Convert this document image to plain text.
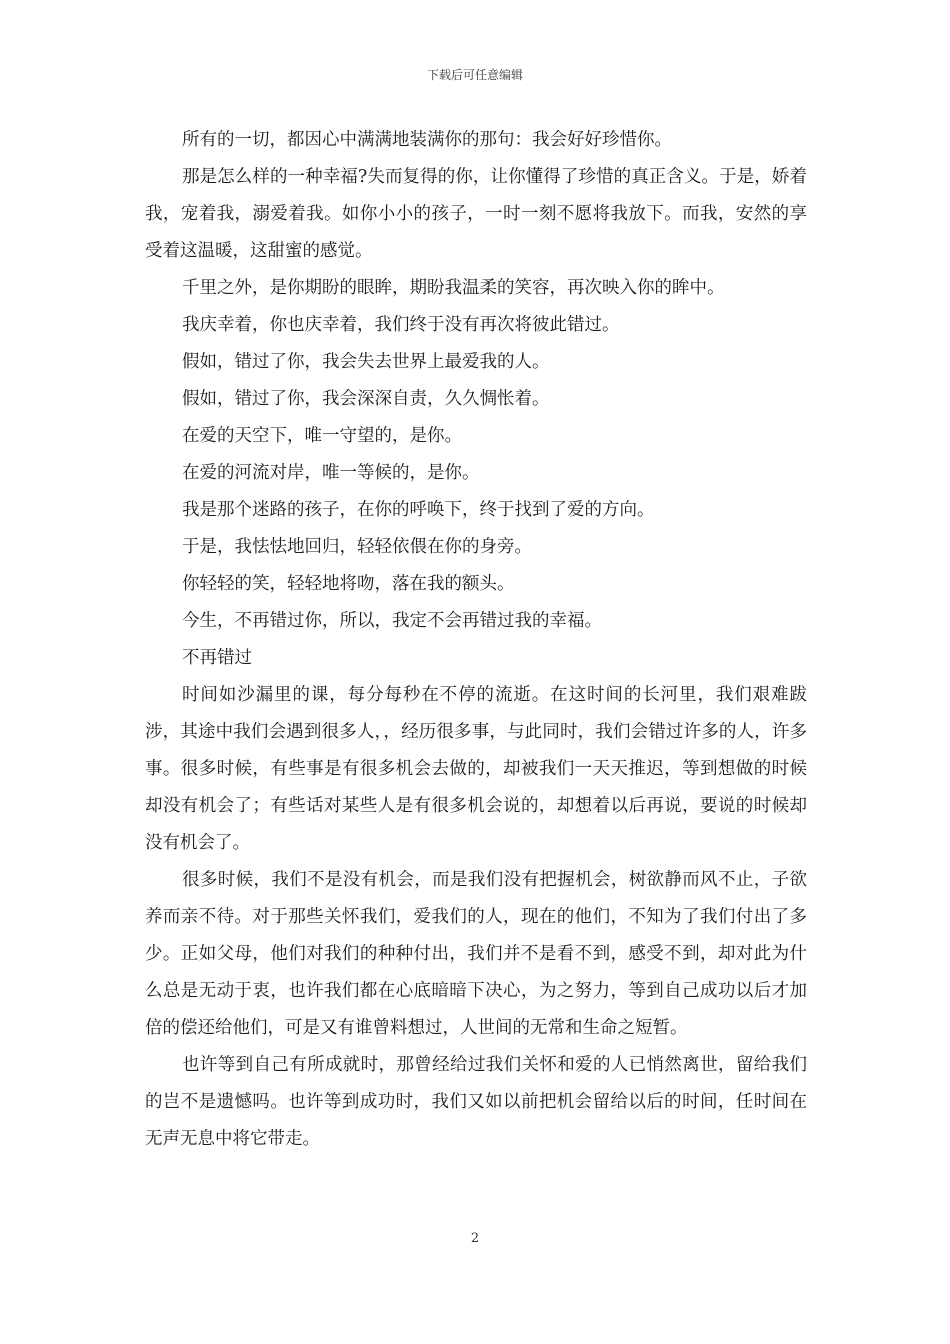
下载后可任意编辑

所有的一切，都因心中满满地装满你的那句：我会好好珍惜你。

那是怎么样的一种幸福?失而复得的你，让你懂得了珍惜的真正含义。于是，娇着我，宠着我，溺爱着我。如你小小的孩子，一时一刻不愿将我放下。而我，安然的享受着这温暖，这甜蜜的感觉。

千里之外，是你期盼的眼眸，期盼我温柔的笑容，再次映入你的眸中。

我庆幸着，你也庆幸着，我们终于没有再次将彼此错过。

假如，错过了你，我会失去世界上最爱我的人。

假如，错过了你，我会深深自责，久久惆怅着。

在爱的天空下，唯一守望的，是你。

在爱的河流对岸，唯一等候的，是你。

我是那个迷路的孩子，在你的呼唤下，终于找到了爱的方向。

于是，我怯怯地回归，轻轻依偎在你的身旁。

你轻轻的笑，轻轻地将吻，落在我的额头。

今生，不再错过你，所以，我定不会再错过我的幸福。

不再错过

时间如沙漏里的课，每分每秒在不停的流逝。在这时间的长河里，我们艰难跋涉，其途中我们会遇到很多人，，经历很多事，与此同时，我们会错过许多的人，许多事。很多时候，有些事是有很多机会去做的，却被我们一天天推迟，等到想做的时候却没有机会了；有些话对某些人是有很多机会说的，却想着以后再说，要说的时候却没有机会了。

很多时候，我们不是没有机会，而是我们没有把握机会，树欲静而风不止，子欲养而亲不待。对于那些关怀我们，爱我们的人，现在的他们，不知为了我们付出了多少。正如父母，他们对我们的种种付出，我们并不是看不到，感受不到，却对此为什么总是无动于衷，也许我们都在心底暗暗下决心，为之努力，等到自己成功以后才加倍的偿还给他们，可是又有谁曾料想过，人世间的无常和生命之短暂。

也许等到自己有所成就时，那曾经给过我们关怀和爱的人已悄然离世，留给我们的岂不是遗憾吗。也许等到成功时，我们又如以前把机会留给以后的时间，任时间在无声无息中将它带走。

2
